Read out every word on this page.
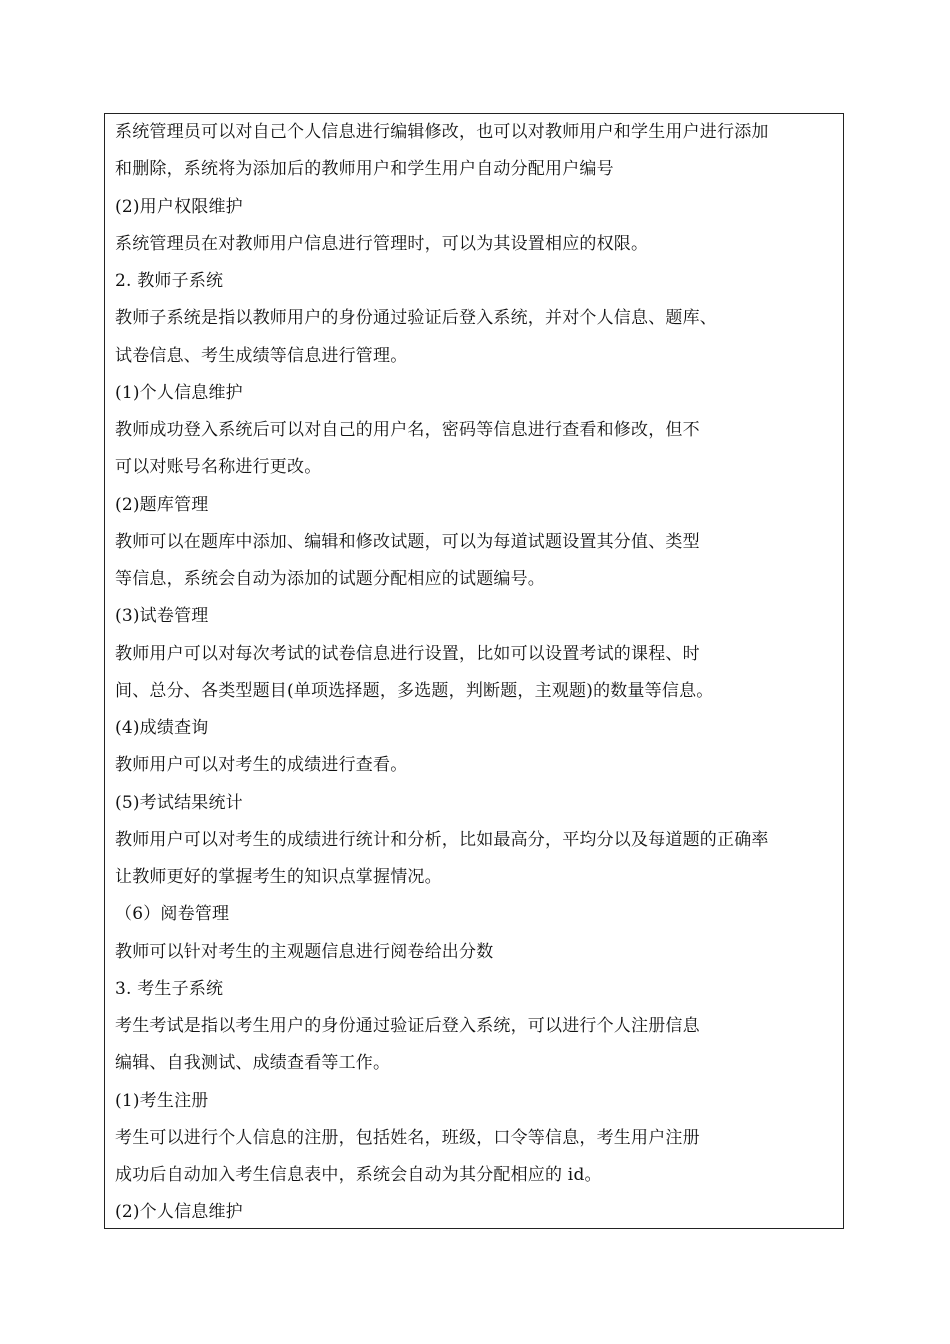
系统管理员可以对自己个人信息进行编辑修改，也可以对教师用户和学生用户进行添加
和删除，系统将为添加后的教师用户和学生用户自动分配用户编号
(2)用户权限维护
系统管理员在对教师用户信息进行管理时，可以为其设置相应的权限。
2. 教师子系统
教师子系统是指以教师用户的身份通过验证后登入系统，并对个人信息、题库、
试卷信息、考生成绩等信息进行管理。
(1)个人信息维护
教师成功登入系统后可以对自己的用户名，密码等信息进行查看和修改，但不
可以对账号名称进行更改。
(2)题库管理
教师可以在题库中添加、编辑和修改试题，可以为每道试题设置其分值、类型
等信息，系统会自动为添加的试题分配相应的试题编号。
(3)试卷管理
教师用户可以对每次考试的试卷信息进行设置，比如可以设置考试的课程、时
间、总分、各类型题目(单项选择题，多选题，判断题，主观题)的数量等信息。
(4)成绩查询
教师用户可以对考生的成绩进行查看。
(5)考试结果统计
教师用户可以对考生的成绩进行统计和分析，比如最高分，平均分以及每道题的正确率
让教师更好的掌握考生的知识点掌握情况。
（6）阅卷管理
教师可以针对考生的主观题信息进行阅卷给出分数
3. 考生子系统
考生考试是指以考生用户的身份通过验证后登入系统，可以进行个人注册信息
编辑、自我测试、成绩查看等工作。
(1)考生注册
考生可以进行个人信息的注册，包括姓名，班级，口令等信息，考生用户注册
成功后自动加入考生信息表中，系统会自动为其分配相应的 id。
(2)个人信息维护
